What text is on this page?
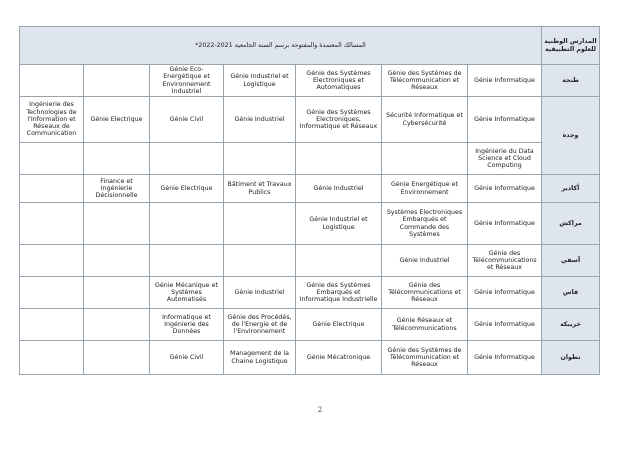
المدارس الوطنية للعلوم التطبيقية	المسالك المعتمدة والمفتوحة برسم السنة الجامعية 2021-2022*						
طنجة	Génie Informatique	Génie des Systèmes de Télécommunication et Réseaux	Génie des Systèmes Electroniques et Automatiques	Génie Industriel et Logistique	Génie Eco-Energétique et Environnement Industriel		
وجدة	Génie Informatique	Sécurité Informatique et Cybersécurité	Génie des Systèmes Electroniques, Informatique et Réseaux	Génie Industriel	Génie Civil	Génie Electrique	Ingénierie des Technologies de l'Information et Réseaux de Communication
	Ingénierie du Data Science et Cloud Computing						
أكادير	Génie Informatique	Génie Energétique et Environnement	Génie Industriel	Bâtiment et Travaux Publics	Génie Electrique	Finance et Ingénierie Décisionnelle	
مراكش	Génie Informatique	Systèmes Electroniques Embarqués et Commande des Systèmes	Génie Industriel et Logistique				
آسفي	Génie des Télécommunications et Réseaux	Génie Industriel					
فاس	Génie Informatique	Génie des Télécommunications et Réseaux	Génie des Systèmes Embarqués et Informatique Industrielle	Génie Industriel	Génie Mécanique et Systèmes Automatisés		
خريبكة	Génie Informatique	Génie Réseaux et Télécommunications	Génie Electrique	Génie des Procédés, de l'Energie et de l'Environnement	Informatique et Ingénierie des Données		
تطوان	Génie Informatique	Génie des Systèmes de Télécommunication et Réseaux	Génie Mécatronique	Management de la Chaine Logistique	Génie Civil		
2
